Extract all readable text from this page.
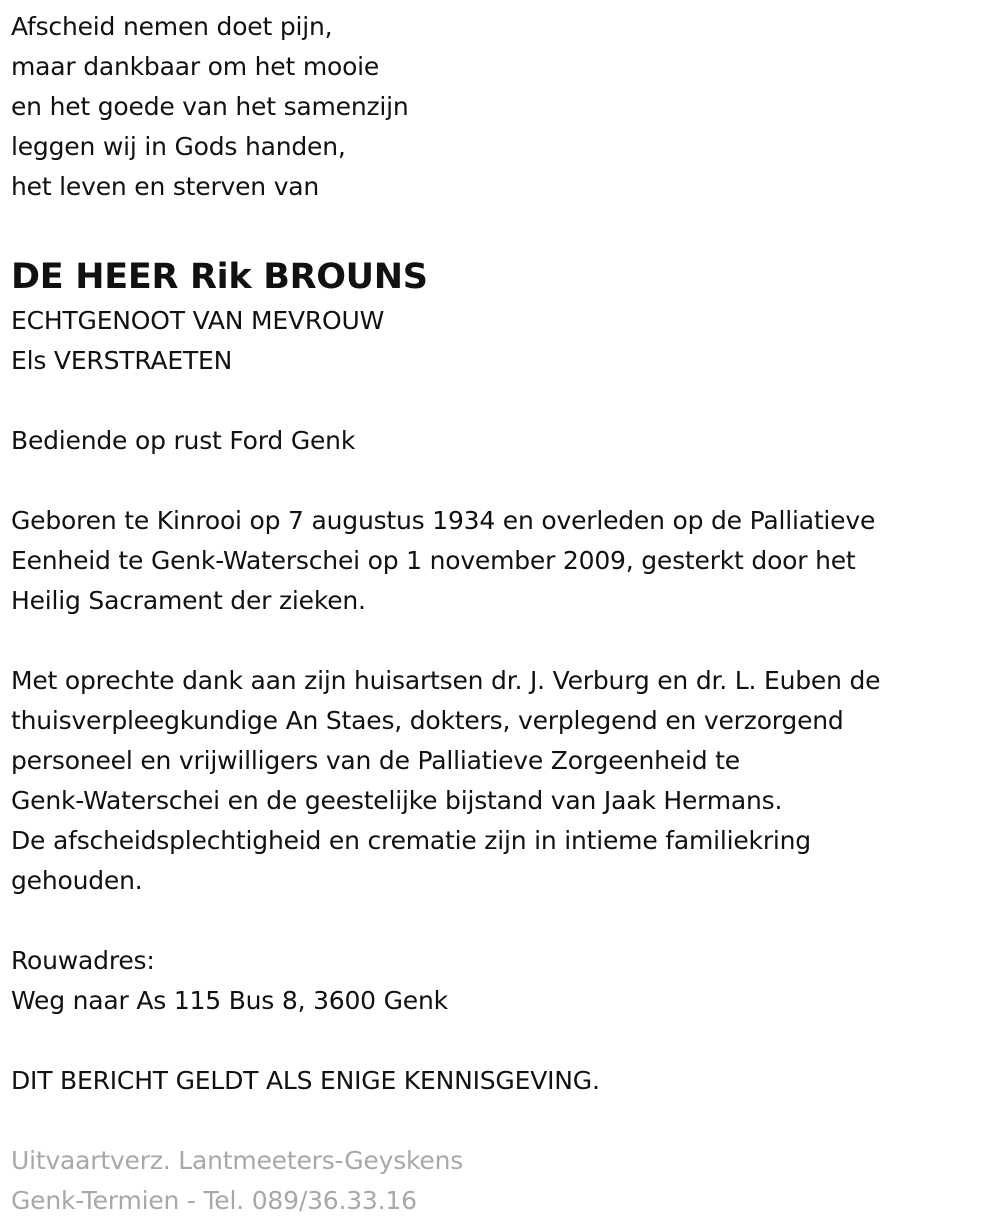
Afscheid nemen doet pijn,
maar dankbaar om het mooie
en het goede van het samenzijn
leggen wij in Gods handen,
het leven en sterven van
DE HEER Rik BROUNS
ECHTGENOOT VAN MEVROUW
Els VERSTRAETEN
Bediende op rust Ford Genk
Geboren te Kinrooi op 7 augustus 1934 en overleden op de Palliatieve
Eenheid te Genk-Waterschei op 1 november 2009, gesterkt door het
Heilig Sacrament der zieken.
Met oprechte dank aan zijn huisartsen dr. J. Verburg en dr. L. Euben de
thuisverpleegkundige An Staes, dokters, verplegend en verzorgend
personeel en vrijwilligers van de Palliatieve Zorgeenheid te
Genk-Waterschei en de geestelijke bijstand van Jaak Hermans.
De afscheidsplechtigheid en crematie zijn in intieme familiekring
gehouden.
Rouwadres:
Weg naar As 115 Bus 8, 3600 Genk
DIT BERICHT GELDT ALS ENIGE KENNISGEVING.
Uitvaartverz. Lantmeeters-Geyskens
Genk-Termien - Tel. 089/36.33.16
